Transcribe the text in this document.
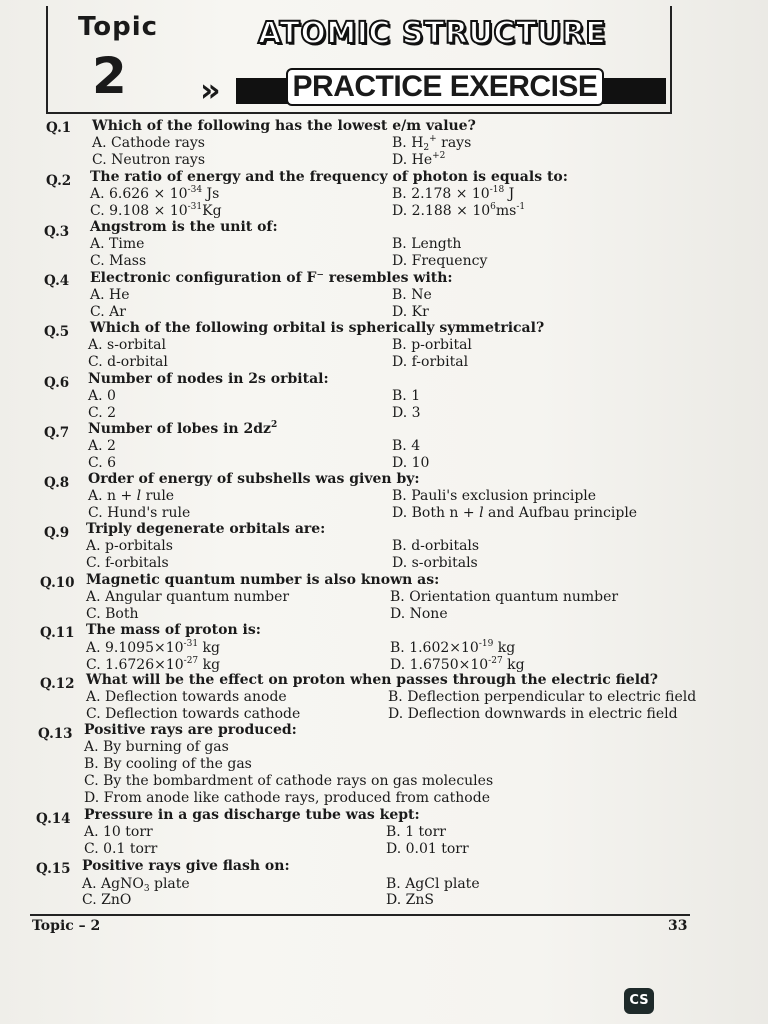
Topic
2
ATOMIC STRUCTURE
»	PRACTICE EXERCISE
Q.1 Which of the following has the lowest e/m value?
A. Cathode rays	B. $H_2^+$ rays
C. Neutron rays	D. $He^{+2}$
Q.2 The ratio of energy and the frequency of photon is equals to:
A. $6.626 \times 10^{-34}$ Js	B. $2.178 \times 10^{-18}$ J
C. $9.108 \times 10^{-31}Kg$	D. $2.188 \times 10^6ms^{-1}$
Q.3 Angstrom is the unit of:
A. Time	B. Length
C. Mass	D. Frequency
Q.4 Electronic configuration of F⁻ resembles with:
A. He	B. Ne
C. Ar	D. Kr
Q.5 Which of the following orbital is spherically symmetrical?
A. s-orbital	B. p-orbital
C. d-orbital	D. f-orbital
Q.6 Number of nodes in 2s orbital:
A. 0	B. 1
C. 2	D. 3
Q.7 Number of lobes in $2dz^2$
A. 2	B. 4
C. 6	D. 10
Q.8 Order of energy of subshells was given by:
A. n + l rule	B. Pauli's exclusion principle
C. Hund's rule	D. Both n + l and Aufbau principle
Q.9 Triply degenerate orbitals are:
A. p-orbitals	B. d-orbitals
C. f-orbitals	D. s-orbitals
Q.10 Magnetic quantum number is also known as:
A. Angular quantum number	B. Orientation quantum number
C. Both	D. None
Q.11 The mass of proton is:
A. $9.1095\times 10^{-31}$ kg	B. $1.602\times 10^{-19}$ kg
C. $1.6726\times 10^{-27}$ kg	D. $1.6750\times 10^{-27}$ kg
Q.12 What will be the effect on proton when passes through the electric field?
A. Deflection towards anode	B. Deflection perpendicular to electric field
C. Deflection towards cathode	D. Deflection downwards in electric field
Q.13 Positive rays are produced:
A. By burning of gas
B. By cooling of the gas
C. By the bombardment of cathode rays on gas molecules
D. From anode like cathode rays, produced from cathode
Q.14 Pressure in a gas discharge tube was kept:
A. 10 torr	B. 1 torr
C. 0.1 torr	D. 0.01 torr
Q.15 Positive rays give flash on:
A. AgNO$_3$ plate	B. AgCl plate
C. ZnO	D. ZnS
Topic – 2	33
CS
